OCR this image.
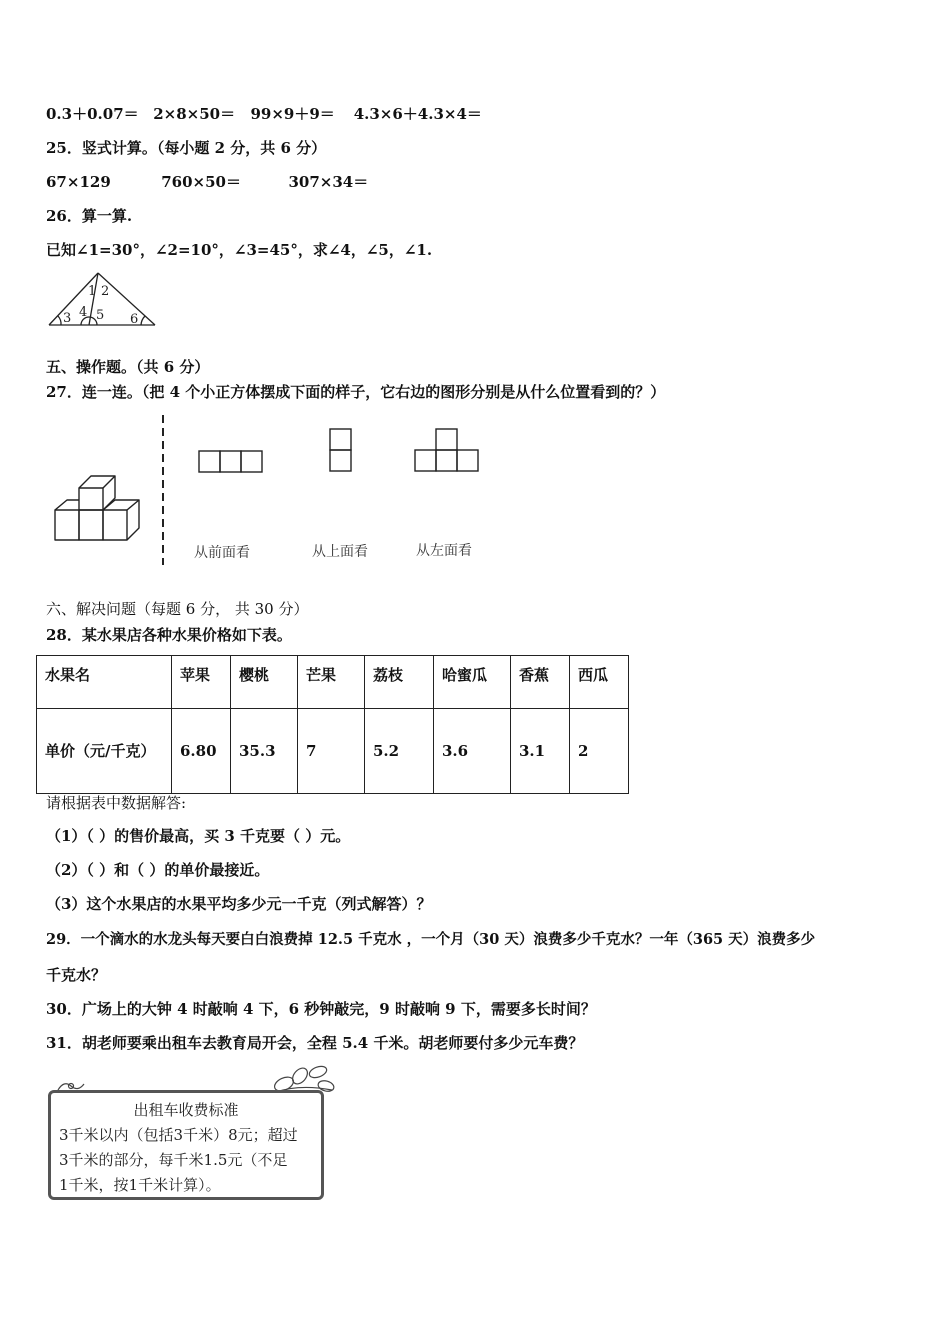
0.3＋0.07＝ 2×8×50＝ 99×9＋9＝ 4.3×6＋4.3×4＝
25．竖式计算。（每小题 2 分，共 6 分）
67×129	760×50＝	307×34＝
26．算一算.
已知∠1=30°，∠2=10°，∠3=45°，求∠4，∠5，∠1.
1 2
3 4 5 6
五、操作题。（共 6 分）
27．连一连。（把 4 个小正方体摆成下面的样子，它右边的图形分别是从什么位置看到的？）
从前面看	从上面看	从左面看
六、解决问题（每题 6 分， 共 30 分）
28．某水果店各种水果价格如下表。
水果名	苹果	樱桃	芒果	荔枝	哈蜜瓜	香蕉	西瓜
单价（元/千克）	6.80	35.3	7	5.2	3.6	3.1	2
请根据表中数据解答:
（1）（ ）的售价最高，买 3 千克要（ ）元。
（2）（ ）和（ ）的单价最接近。
（3）这个水果店的水果平均多少元一千克（列式解答）？
29．一个滴水的水龙头每天要白白浪费掉 12.5 千克水 ，一个月（30 天）浪费多少千克水？一年（365 天）浪费多少
千克水？
30．广场上的大钟 4 时敲响 4 下，6 秒钟敲完，9 时敲响 9 下，需要多长时间？
31．胡老师要乘出租车去教育局开会，全程 5.4 千米。胡老师要付多少元车费？
出租车收费标准
3千米以内（包括3千米）8元；超过
3千米的部分，每千米1.5元（不足
1千米，按1千米计算）。
